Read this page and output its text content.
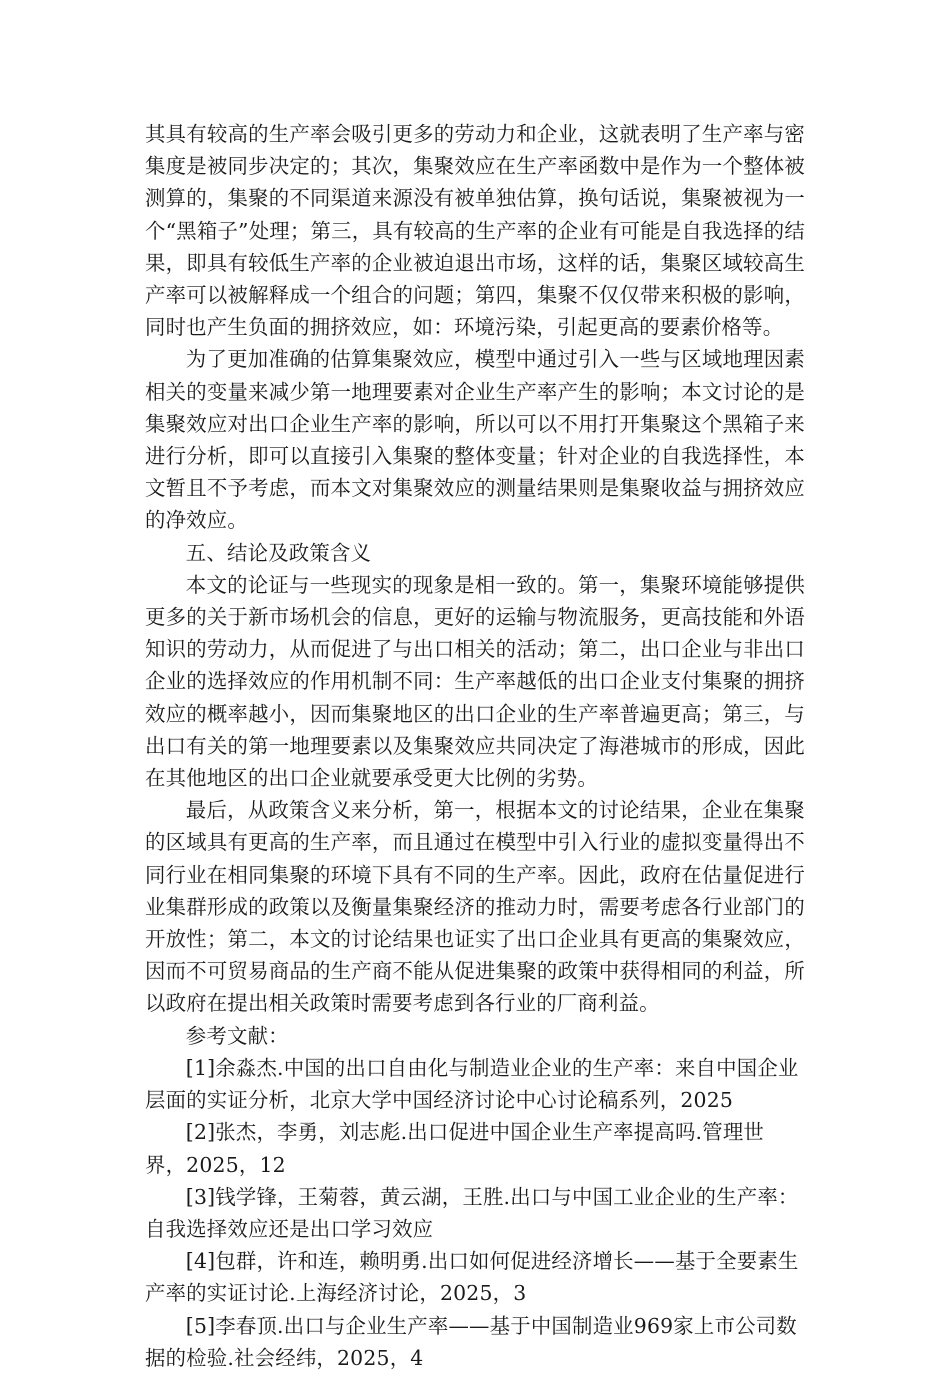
其具有较高的生产率会吸引更多的劳动力和企业，这就表明了生产率与密集度是被同步决定的；其次，集聚效应在生产率函数中是作为一个整体被测算的，集聚的不同渠道来源没有被单独估算，换句话说，集聚被视为一个“黑箱子”处理；第三，具有较高的生产率的企业有可能是自我选择的结果，即具有较低生产率的企业被迫退出市场，这样的话，集聚区域较高生产率可以被解释成一个组合的问题；第四，集聚不仅仅带来积极的影响，同时也产生负面的拥挤效应，如：环境污染，引起更高的要素价格等。

为了更加准确的估算集聚效应，模型中通过引入一些与区域地理因素相关的变量来减少第一地理要素对企业生产率产生的影响；本文讨论的是集聚效应对出口企业生产率的影响，所以可以不用打开集聚这个黑箱子来进行分析，即可以直接引入集聚的整体变量；针对企业的自我选择性，本文暂且不予考虑，而本文对集聚效应的测量结果则是集聚收益与拥挤效应的净效应。

五、结论及政策含义

本文的论证与一些现实的现象是相一致的。第一，集聚环境能够提供更多的关于新市场机会的信息，更好的运输与物流服务，更高技能和外语知识的劳动力，从而促进了与出口相关的活动；第二，出口企业与非出口企业的选择效应的作用机制不同：生产率越低的出口企业支付集聚的拥挤效应的概率越小，因而集聚地区的出口企业的生产率普遍更高；第三，与出口有关的第一地理要素以及集聚效应共同决定了海港城市的形成，因此在其他地区的出口企业就要承受更大比例的劣势。

最后，从政策含义来分析，第一，根据本文的讨论结果，企业在集聚的区域具有更高的生产率，而且通过在模型中引入行业的虚拟变量得出不同行业在相同集聚的环境下具有不同的生产率。因此，政府在估量促进行业集群形成的政策以及衡量集聚经济的推动力时，需要考虑各行业部门的开放性；第二，本文的讨论结果也证实了出口企业具有更高的集聚效应，因而不可贸易商品的生产商不能从促进集聚的政策中获得相同的利益，所以政府在提出相关政策时需要考虑到各行业的厂商利益。

参考文献：

[1]余淼杰.中国的出口自由化与制造业企业的生产率：来自中国企业层面的实证分析，北京大学中国经济讨论中心讨论稿系列，2025

[2]张杰，李勇，刘志彪.出口促进中国企业生产率提高吗.管理世界，2025，12

[3]钱学锋，王菊蓉，黄云湖，王胜.出口与中国工业企业的生产率：自我选择效应还是出口学习效应

[4]包群，许和连，赖明勇.出口如何促进经济增长——基于全要素生产率的实证讨论.上海经济讨论，2025，3

[5]李春顶.出口与企业生产率——基于中国制造业969家上市公司数据的检验.社会经纬，2025，4
